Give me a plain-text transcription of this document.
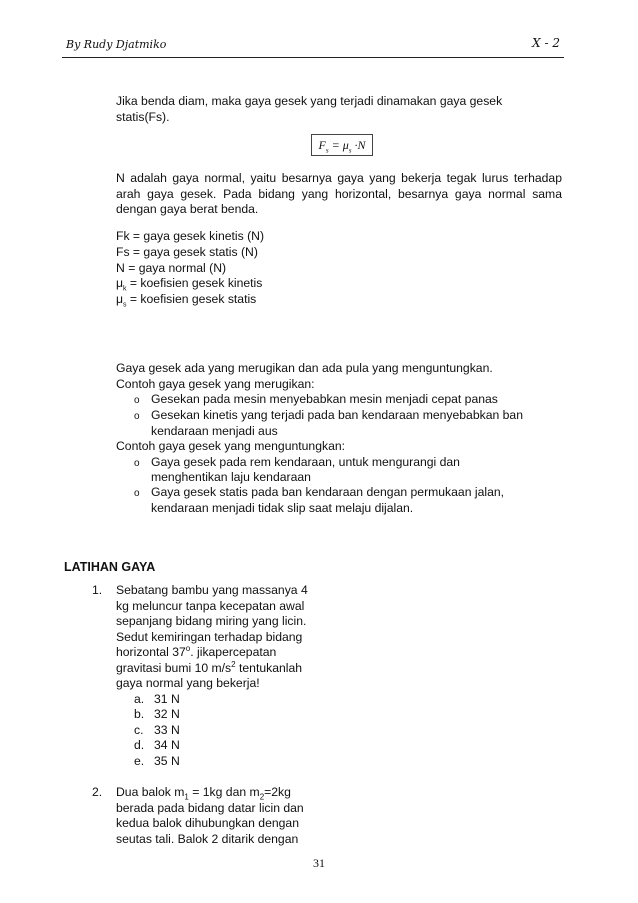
By Rudy Djatmiko	X - 2
Jika benda diam, maka gaya gesek yang terjadi dinamakan gaya gesek statis(Fs).
$F_s = \mu_s \cdot N$
N adalah gaya normal, yaitu besarnya gaya yang bekerja tegak lurus terhadap arah gaya gesek. Pada bidang yang horizontal, besarnya gaya normal sama dengan gaya berat benda.
Fk = gaya gesek kinetis (N)
Fs = gaya gesek statis (N)
N = gaya normal (N)
$\mu_k$ = koefisien gesek kinetis
$\mu_s$ = koefisien gesek statis
Gaya gesek ada yang merugikan dan ada pula yang menguntungkan.
Contoh gaya gesek yang merugikan:
o Gesekan pada mesin menyebabkan mesin menjadi cepat panas
o Gesekan kinetis yang terjadi pada ban kendaraan menyebabkan ban
kendaraan menjadi aus
Contoh gaya gesek yang menguntungkan:
o Gaya gesek pada rem kendaraan, untuk mengurangi dan
menghentikan laju kendaraan
o Gaya gesek statis pada ban kendaraan dengan permukaan jalan,
kendaraan menjadi tidak slip saat melaju dijalan.
LATIHAN GAYA
1. Sebatang bambu yang massanya 4
kg meluncur tanpa kecepatan awal
sepanjang bidang miring yang licin.
Sedut kemiringan terhadap bidang
horizontal 37$^o$. jikapercepatan
gravitasi bumi 10 $m/s^2$ tentukanlah
gaya normal yang bekerja!
a. 31 N
b. 32 N
c. 33 N
d. 34 N
e. 35 N
2. Dua balok $m_1 = 1kg$ dan $m_2=2kg$
berada pada bidang datar licin dan
kedua balok dihubungkan dengan
seutas tali. Balok 2 ditarik dengan
31
